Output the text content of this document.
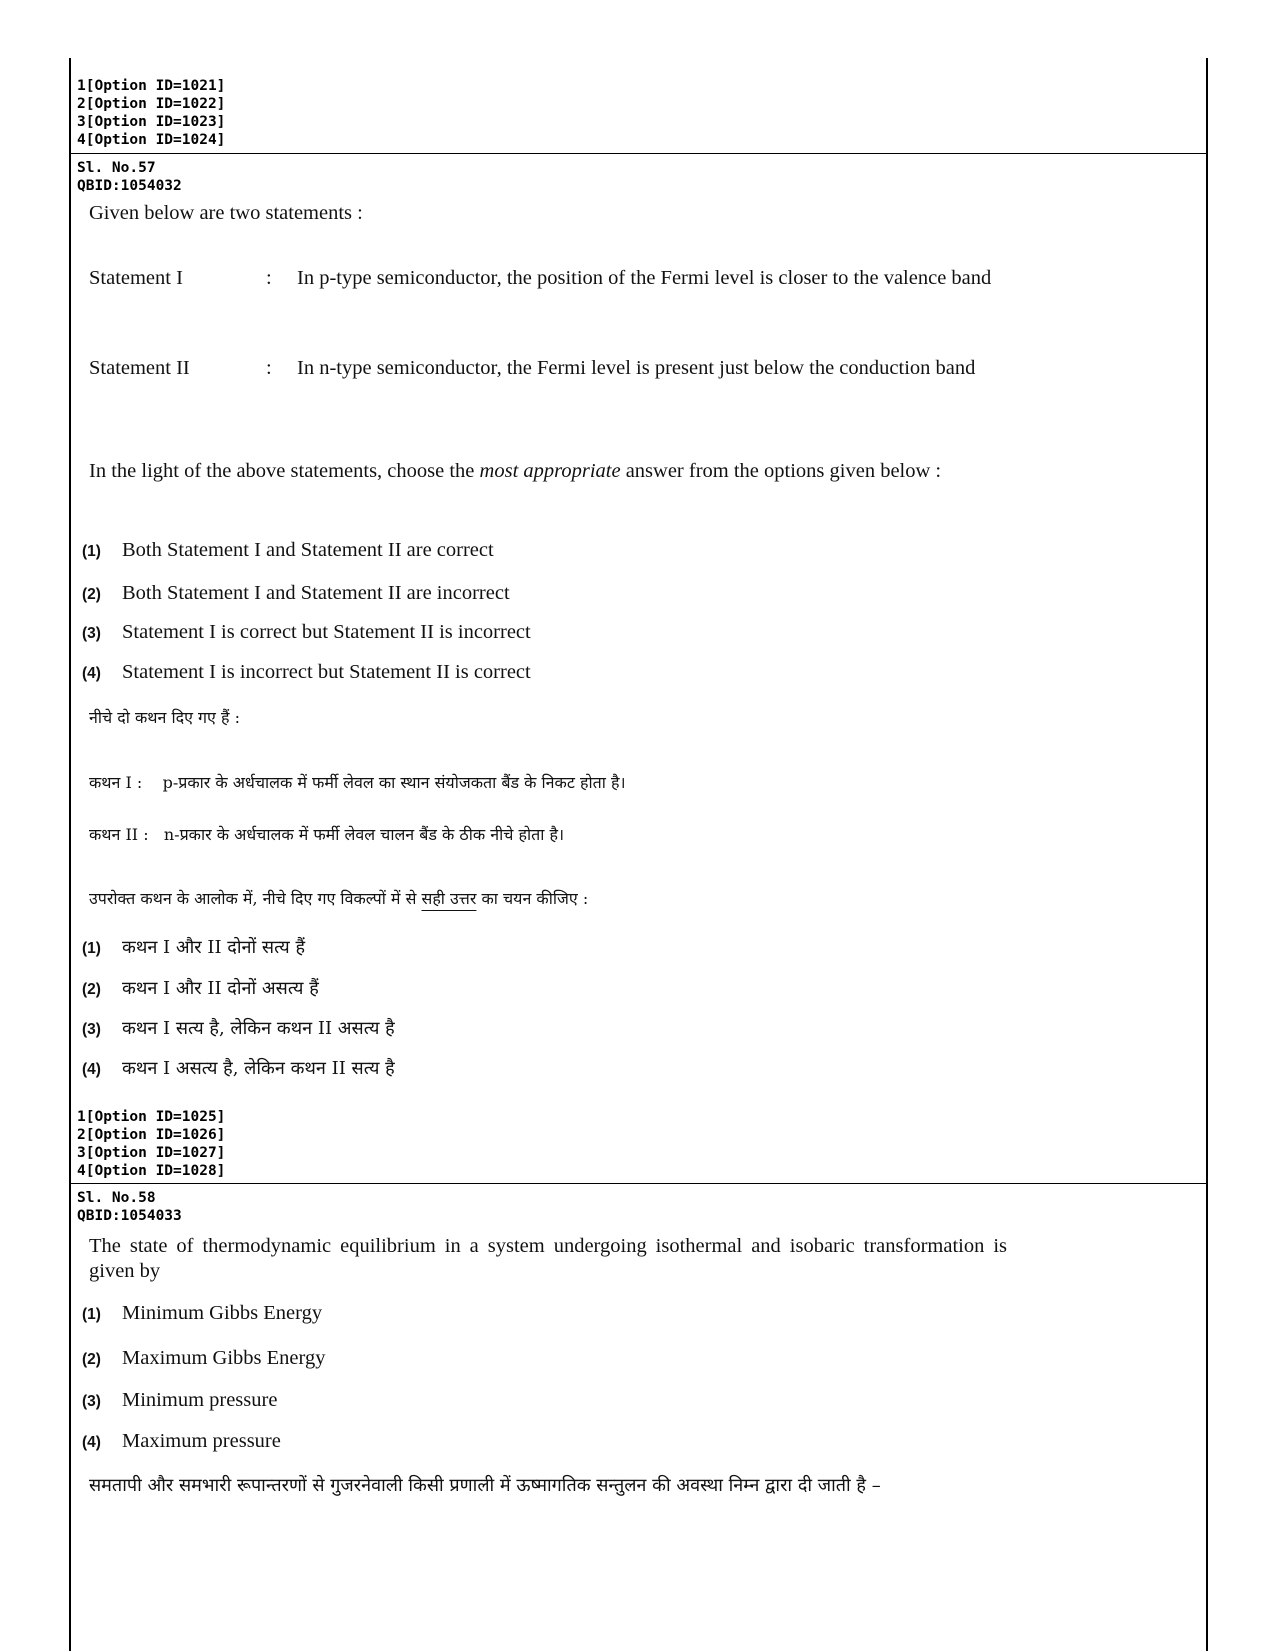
1[Option ID=1021]
2[Option ID=1022]
3[Option ID=1023]
4[Option ID=1024]
Sl. No.57
QBID:1054032
Given below are two statements :
Statement I	: In p-type semiconductor, the position of the Fermi level is closer to the valence band
Statement II	: In n-type semiconductor, the Fermi level is present just below the conduction band
In the light of the above statements, choose the most appropriate answer from the options given below :
(1) Both Statement I and Statement II are correct
(2) Both Statement I and Statement II are incorrect
(3) Statement I is correct but Statement II is incorrect
(4) Statement I is incorrect but Statement II is correct
नीचे दो कथन दिए गए हैं :
कथन I :    p-प्रकार के अर्धचालक में फर्मी लेवल का स्थान संयोजकता बैंड के निकट होता है।
कथन II :   n-प्रकार के अर्धचालक में फर्मी लेवल चालन बैंड के ठीक नीचे होता है।
उपरोक्त कथन के आलोक में, नीचे दिए गए विकल्पों में से सही उत्तर का चयन कीजिए :
(1) कथन I और II दोनों सत्य हैं
(2) कथन I और II दोनों असत्य हैं
(3) कथन I सत्य है, लेकिन कथन II असत्य है
(4) कथन I असत्य है, लेकिन कथन II सत्य है
1[Option ID=1025]
2[Option ID=1026]
3[Option ID=1027]
4[Option ID=1028]
Sl. No.58
QBID:1054033
The state of thermodynamic equilibrium in a system undergoing isothermal and isobaric transformation is given by
(1) Minimum Gibbs Energy
(2) Maximum Gibbs Energy
(3) Minimum pressure
(4) Maximum pressure
समतापी और समभारी रूपान्तरणों से गुजरनेवाली किसी प्रणाली में ऊष्मागतिक सन्तुलन की अवस्था निम्न द्वारा दी जाती है –
